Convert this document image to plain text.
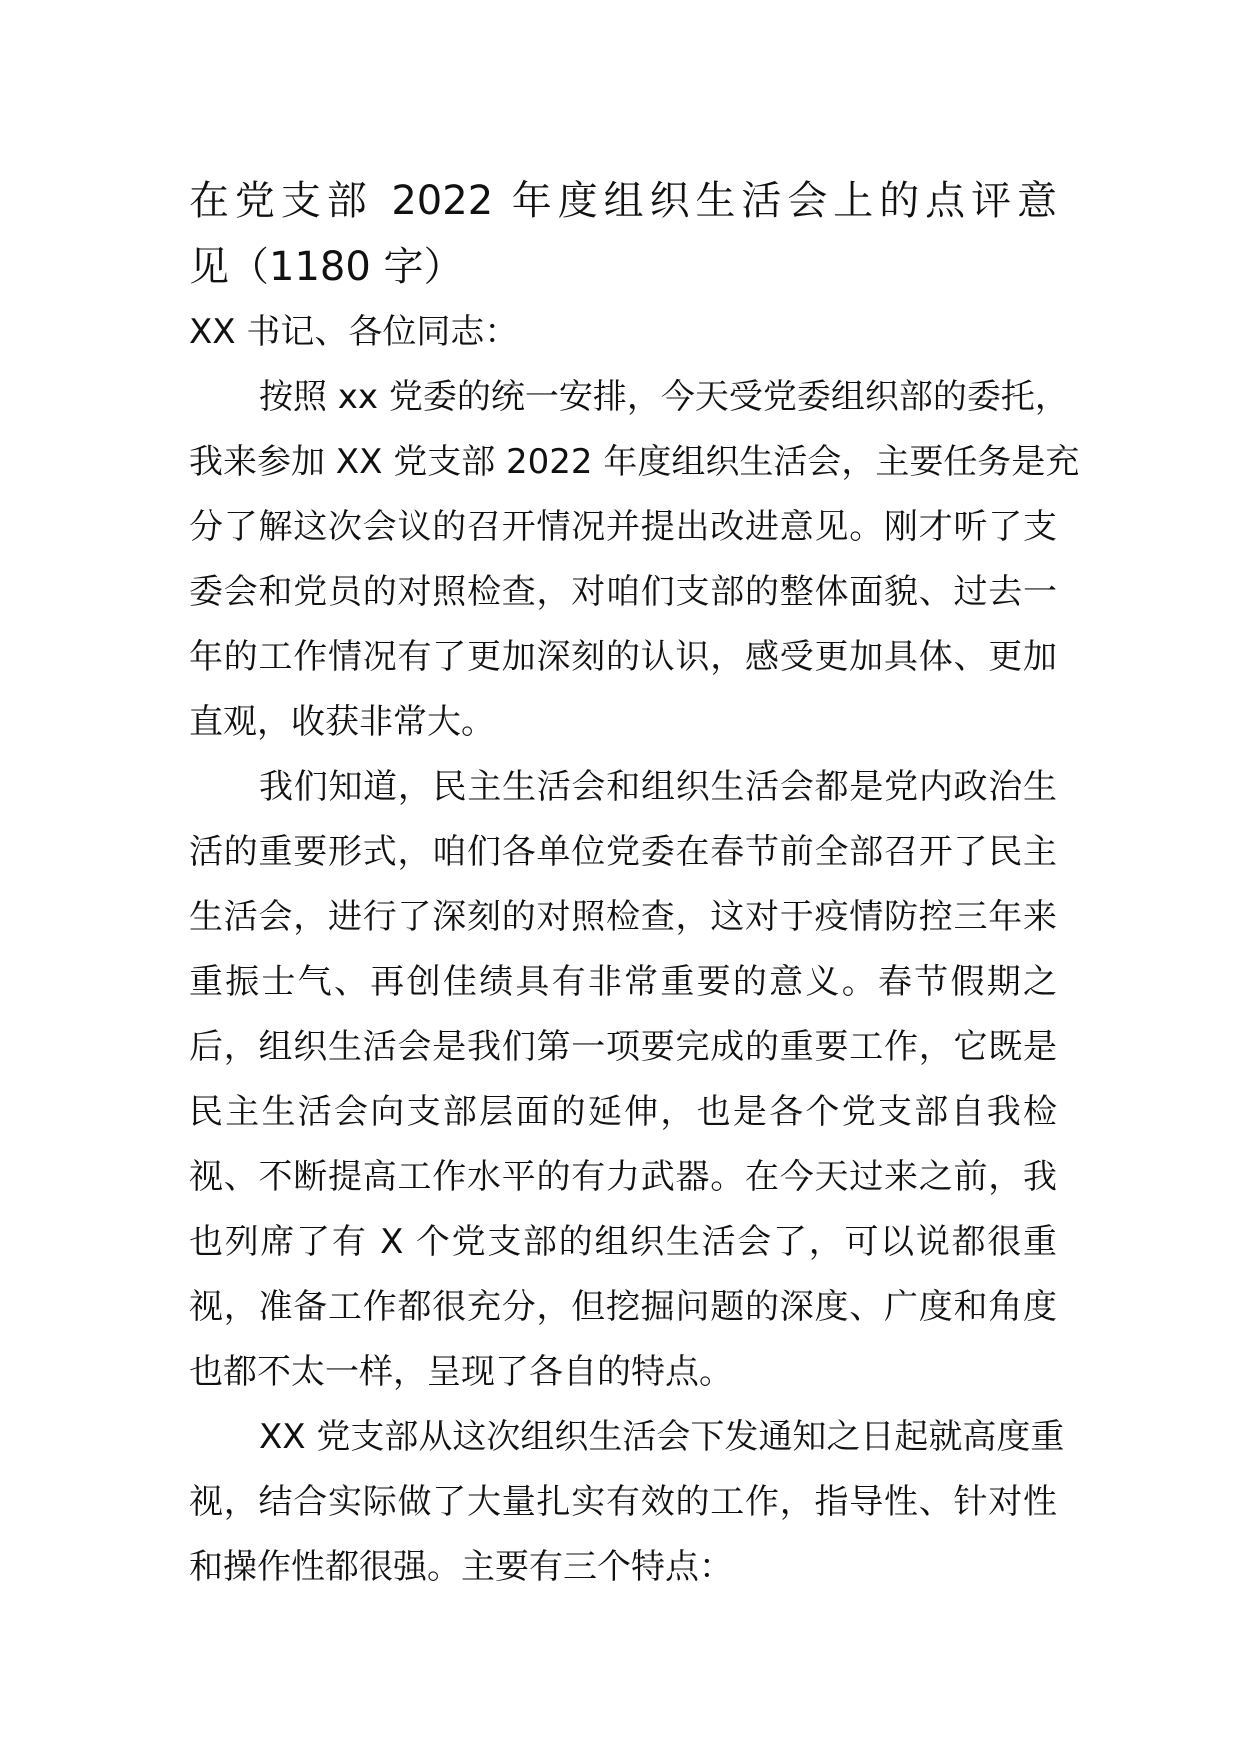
在党支部 2022 年度组织生活会上的点评意
见（1180 字）
XX 书记、各位同志：
按照 xx 党委的统一安排，今天受党委组织部的委托，
我来参加 XX 党支部 2022 年度组织生活会，主要任务是充
分了解这次会议的召开情况并提出改进意见。刚才听了支
委会和党员的对照检查，对咱们支部的整体面貌、过去一
年的工作情况有了更加深刻的认识，感受更加具体、更加
直观，收获非常大。
我们知道，民主生活会和组织生活会都是党内政治生
活的重要形式，咱们各单位党委在春节前全部召开了民主
生活会，进行了深刻的对照检查，这对于疫情防控三年来
重振士气、再创佳绩具有非常重要的意义。春节假期之
后，组织生活会是我们第一项要完成的重要工作，它既是
民主生活会向支部层面的延伸，也是各个党支部自我检
视、不断提高工作水平的有力武器。在今天过来之前，我
也列席了有 X 个党支部的组织生活会了，可以说都很重
视，准备工作都很充分，但挖掘问题的深度、广度和角度
也都不太一样，呈现了各自的特点。
XX 党支部从这次组织生活会下发通知之日起就高度重
视，结合实际做了大量扎实有效的工作，指导性、针对性
和操作性都很强。主要有三个特点：
